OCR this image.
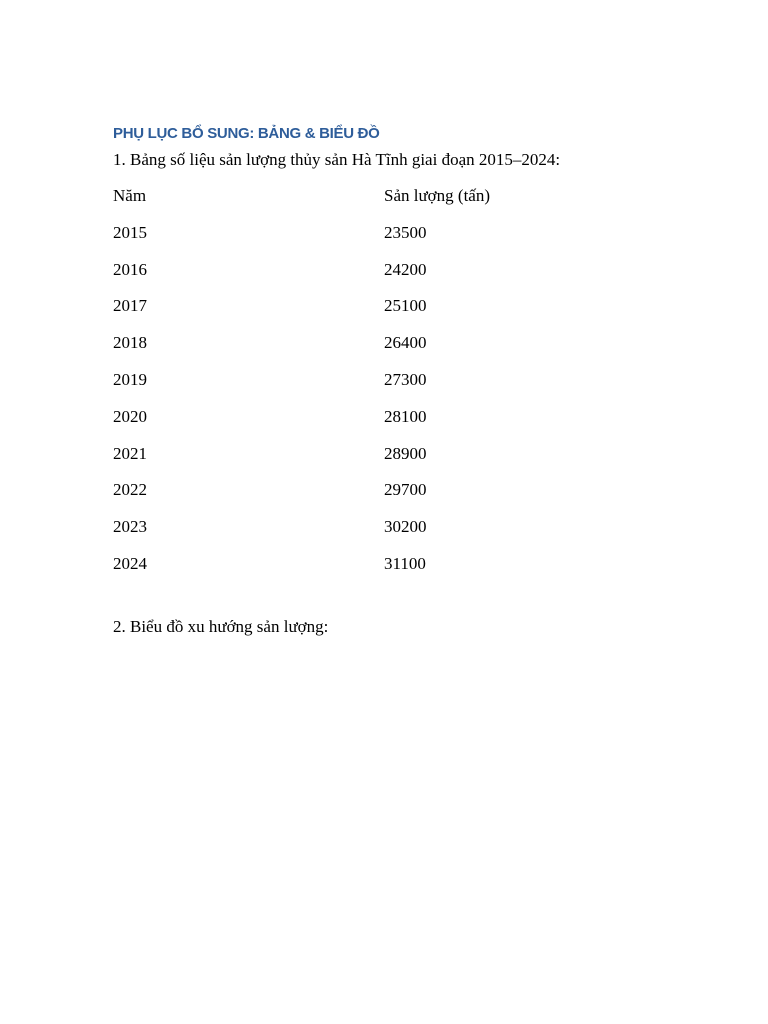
PHỤ LỤC BỔ SUNG: BẢNG & BIỂU ĐỒ
1. Bảng số liệu sản lượng thủy sản Hà Tĩnh giai đoạn 2015–2024:
Năm	Sản lượng (tấn)
2015	23500
2016	24200
2017	25100
2018	26400
2019	27300
2020	28100
2021	28900
2022	29700
2023	30200
2024	31100
2. Biểu đồ xu hướng sản lượng:
